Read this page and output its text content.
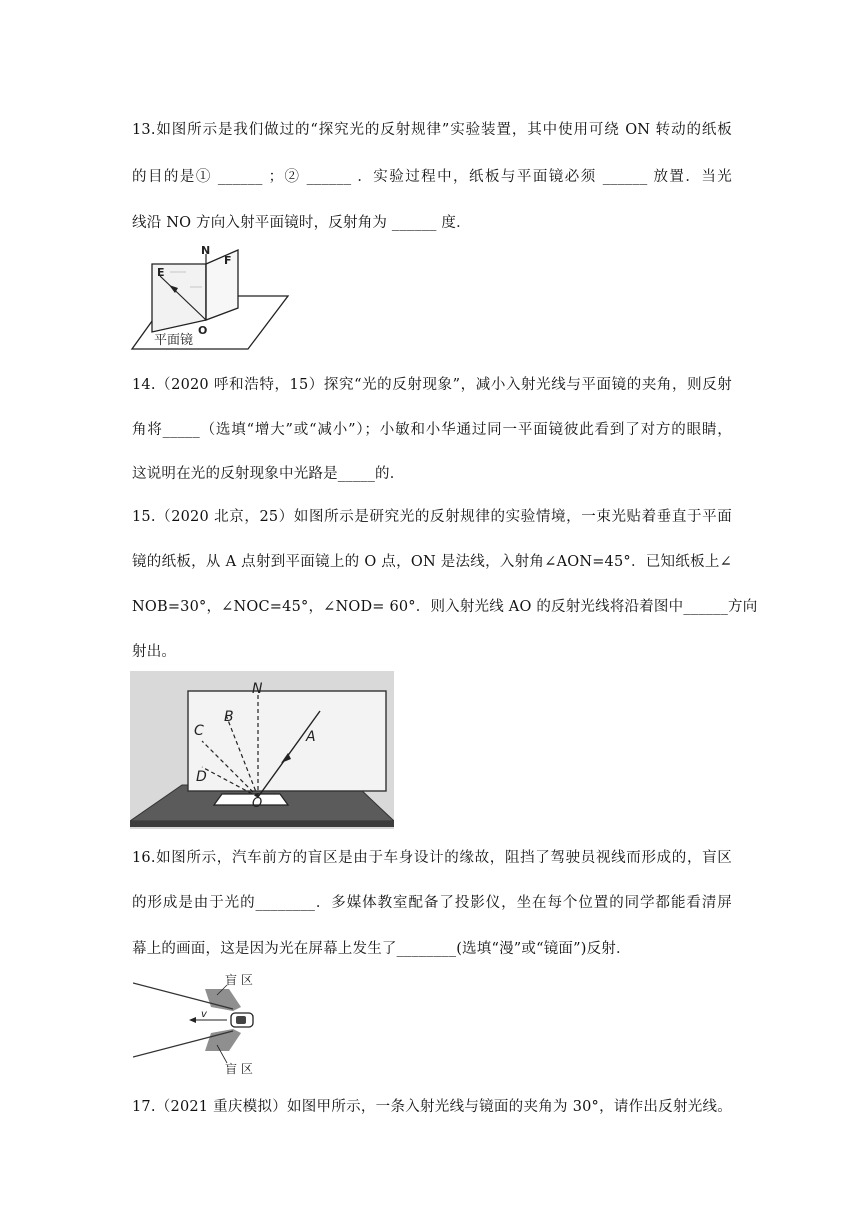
13.如图所示是我们做过的“探究光的反射规律”实验装置，其中使用可绕 ON 转动的纸板
的目的是① ______ ；② ______ ．实验过程中，纸板与平面镜必须 ______ 放置．当光
线沿 NO 方向入射平面镜时，反射角为 ______ 度．
E
N
F
O
平面镜
14.（2020 呼和浩特，15）探究“光的反射现象”，减小入射光线与平面镜的夹角，则反射
角将_____（选填“增大”或“减小”）；小敏和小华通过同一平面镜彼此看到了对方的眼睛，
这说明在光的反射现象中光路是_____的．
15.（2020 北京，25）如图所示是研究光的反射规律的实验情境，一束光贴着垂直于平面
镜的纸板，从 A 点射到平面镜上的 O 点，ON 是法线，入射角∠AON=45°．已知纸板上∠
NOB=30°，∠NOC=45°，∠NOD= 60°．则入射光线 AO 的反射光线将沿着图中______方向
射出。
N
A
B
C
D
O
16.如图所示，汽车前方的盲区是由于车身设计的缘故，阻挡了驾驶员视线而形成的，盲区
的形成是由于光的________．多媒体教室配备了投影仪，坐在每个位置的同学都能看清屏
幕上的画面，这是因为光在屏幕上发生了________(选填“漫”或“镜面”)反射．
v
盲 区
盲 区
17.（2021 重庆模拟）如图甲所示，一条入射光线与镜面的夹角为 30°，请作出反射光线。
